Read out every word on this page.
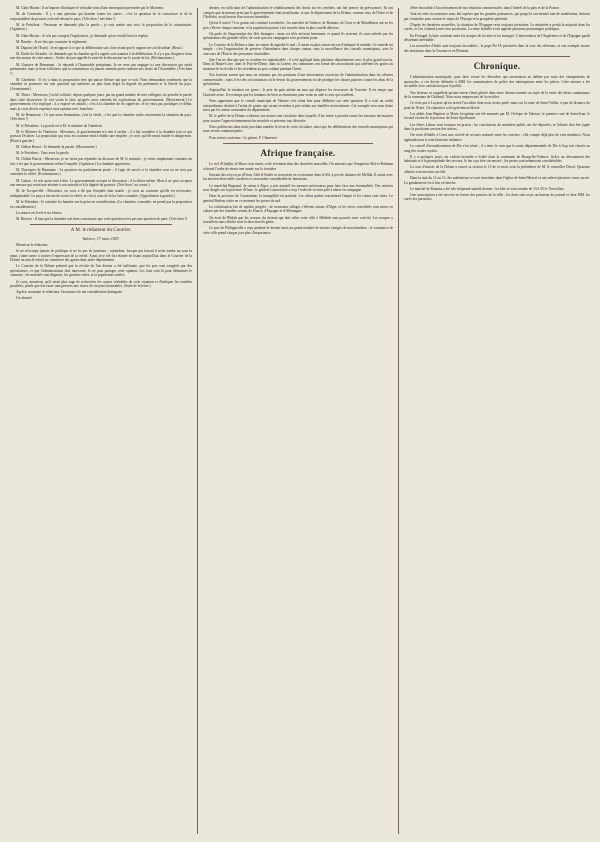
M. Glais-Bizoin : Il m'importe d'indiquer le véritable sens d'une interruption présentée par le Moniteur.

M. de Cormenin : Il y a une question qui domine toutes les autres ; c'est la question de la conscience et de la responsabilité du pouvoir exécutif devant le pays. (Très bien ! très bien !)

M. le Président : Personne ne demande plus la parole ; je vais mettre aux voix la proposition de la commission. (Agitation.)

M. Glais-Bizoin : Je n'ai pas compris l'explication ; je demande qu'on veuille bien la répéter.

M. Baudry : Je ne fais que constater le règlement.

M. Dupont (de l'Eure) : Je m'oppose à ce que la délibération soit close avant que le rapport ne soit distribué. (Bruit.)

M. Émile de Girardin : Je demande que la chambre qu'il a signée soit soumise à la délibération. Il n'y a pas d'urgence dans une discussion de cette nature ; l'ordre du jour appelle la suite de la discussion sur le projet de loi. (Réclamations.)

M. Gustave de Beaumont : Je réponds à l'honorable préopinant. Je ne veux pas engager ici une discussion qui serait prématurée, mais je tiens à déclarer que la commission n'a jamais entendu porter atteinte aux droits de l'Assemblée. (Très bien !)

M. Lherbette : Il n'y a dans la proposition rien qui puisse blesser qui que ce soit. Nous demandons seulement que la chambre se prononce sur une question qui intéresse au plus haut degré la dignité du parlement et la liberté du pays. (Assentiment.)

M. Thiers : Messieurs, j'ai été sollicité, depuis quelques jours, par un grand nombre de mes collègues, de prendre la parole dans cette discussion. Je n'ai voulu le faire qu'après avoir entendu les explications du gouvernement. (Mouvement.) Le gouvernement s'est expliqué ; il a exposé ses motifs ; c'est à la chambre de les apprécier. Je ne veux pas prolonger ce débat, mais je crois devoir exprimer mon opinion avec franchise.

M. de Beaumont : Ce que nous demandons, c'est la vérité ; c'est que la chambre sache exactement la situation du pays. (Très bien !)

M. le Président : La parole est à M. le ministre de l'intérieur.

M. le Ministre de l'Intérieur : Messieurs, le gouvernement n'a rien à cacher ; il a fait connaître à la chambre tout ce qui pouvait l'éclairer. La proposition qui vous est soumise tend à établir une enquête ; je crois qu'elle serait inutile et dangereuse. (Bruit à gauche.)

M. Odilon Barrot : Je demande la parole. (Mouvement.)

M. le Président : Vous avez la parole.

M. Odilon Barrot : Messieurs, je ne viens pas répondre au discours de M. le ministre ; je viens simplement constater un fait, c'est que le gouvernement refuse l'enquête. (Agitation.) La chambre appréciera.

M. Duvergier de Hauranne : La question est parfaitement posée ; il s'agit de savoir si la chambre veut ou ne veut pas connaître la vérité. (Exclamations.)

M. Guizot : Je n'ai qu'un mot à dire. Le gouvernement accepte la discussion ; il la désire même. Mais il ne peut accepter une mesure qui serait une atteinte à son autorité et à la dignité du pouvoir. (Très bien ! au centre.)

M. de Tocqueville : Messieurs, on vous a dit que l'enquête était inutile ; je crois au contraire qu'elle est nécessaire, indispensable. Le pays a besoin de savoir la vérité, et c'est à vous de la lui faire connaître. (Approbation à gauche.)

M. le Président : Je consulte la chambre sur la prise en considération. (La chambre, consultée, ne prend pas la proposition en considération.)

La séance est levée à six heures.

M. Berryer : Il faut que la chambre soit bien convaincue que cette question n'est pas une question de parti. (Très bien !)

A M. le rédacteur du Courrier.

Valence, 17 mars 1847.

Monsieur le rédacteur,

Je ne m'occupe jamais de politique et ne lis pas de journaux ; cependant, lorsque par hasard il m'en tombe un sous la main, j'aime assez à trouver l'expression de la vérité. Aussi ai-je été fort étonné en lisant aujourd'hui dans le Courrier de la Drôme un article relatif au commerce des grains dans notre département.

Le Courrier de la Drôme prétend que la récolte de l'an dernier a été suffisante, que les prix sont exagérés par des spéculateurs, et que l'administration doit intervenir. Je ne puis partager cette opinion. Les faits sont là pour démontrer le contraire ; les marchés sont dégarnis, les greniers vides, et la population souffre.

Je crois, monsieur, qu'il serait plus sage de rechercher les causes véritables de cette situation et d'indiquer les remèdes possibles, plutôt que d'accuser sans preuves une classe de citoyens honorables. (Suite de la lettre.)

Agréez, monsieur le rédacteur, l'assurance de ma considération distinguée.

Un abonné.

dernier, en sollicitant de l'administration le rétablissement des droits sur les céréales, ont fait preuve de prévoyance. Ils ont compris que la mesure prise par le gouvernement était insuffisante, et que le département de la Drôme, comme ceux de l'Isère et de l'Ardèche, avait besoin d'un secours immédiat.

Qu'est-il arrivé ? Les grains ont continué à renchérir ; les marchés de Valence, de Romans, de Crest et de Montélimar ont vu les prix s'élever chaque semaine, et la population pauvre s'est trouvée dans la plus cruelle détresse.

On parle de l'importation des blés étrangers ; mais ces blés arrivent lentement, et quand ils arrivent, ils sont achetés par les spéculateurs des grandes villes, de sorte que nos campagnes n'en profitent point.

Le Courrier de la Drôme a donc eu raison de signaler le mal ; il aurait eu plus raison encore d'indiquer le remède. Ce remède est simple : c'est l'organisation de greniers d'abondance dans chaque canton, sous la surveillance des conseils municipaux, avec le concours de l'État et des personnes charitables.

Que l'on ne dise pas que ce système est impraticable ; il a été appliqué dans plusieurs départements avec le plus grand succès. Dans la Haute-Loire, dans le Puy-de-Dôme, dans la Lozère, les communes ont formé des associations qui achètent les grains au moment de la récolte et les revendent au prix coûtant pendant l'hiver.

Nos lecteurs savent que nous ne sommes pas les partisans d'une intervention excessive de l'administration dans les affaires commerciales ; mais il est des circonstances où le devoir du gouvernement est de protéger les classes pauvres contre les abus de la spéculation.

Aujourd'hui la situation est grave ; le prix du pain atteint un taux qui dépasse les ressources de l'ouvrier. Il est temps que l'autorité avise. Il est temps que les hommes de bien se réunissent pour venir en aide à ceux qui souffrent.

Nous apprenons que le conseil municipal de Valence s'est réuni hier pour délibérer sur cette question. Il a voté un crédit extraordinaire destiné à l'achat de grains qui seront revendus à prix réduit aux familles nécessiteuses. Cet exemple sera sans doute suivi par les autres communes du département.

M. le préfet de la Drôme a adressé aux maires une circulaire dans laquelle il les invite à prendre toutes les mesures nécessaires pour assurer l'approvisionnement des marchés et prévenir tout désordre.

Nous publierons dans notre prochain numéro le texte de cette circulaire, ainsi que les délibérations des conseils municipaux qui nous seront communiquées.

Pour extrait conforme : Le gérant, F. Chenevier.

Afrique française.

Le ciel d'Oudjda, le Maroc tout entier, a été vivement ému des dernières nouvelles. On annonce que l'empereur Abd-er-Rahman a donné l'ordre de réunir une armée sur la frontière.

Suivant des avis reçus d'Oran, Abd-el-Kader se trouverait en ce moment dans le Rif, à peu de distance de Melilla. Il aurait avec lui environ deux mille cavaliers et un nombre considérable de fantassins.

Le maréchal Bugeaud, de retour à Alger, a pris aussitôt les mesures nécessaires pour faire face aux éventualités. Des renforts sont dirigés sur la province d'Oran ; le général Lamoricière a reçu l'ordre de se tenir prêt à entrer en campagne.

Dans la province de Constantine, la tranquillité est parfaite. Les tribus paient exactement l'impôt et les routes sont sûres. Le général Bedeau visite en ce moment les postes du sud.

La colonisation fait de rapides progrès ; de nouveaux villages s'élèvent autour d'Alger, et les terres concédées sont mises en culture par des familles venues de France, d'Espagne et d'Allemagne.

On écrit de Blidah que les travaux du chemin qui doit relier cette ville à Médéah sont poussés avec activité. Les troupes y travaillent sans relâche sous la direction du génie.

Le port de Philippeville a reçu pendant le dernier mois un grand nombre de navires chargés de marchandises ; le commerce de cette ville prend chaque jour plus d'importance.

d'être favorable à l'accroissement de nos relations commerciales, dans l'intérêt de la paix et de la France.

Tout en cette circonstance nous fait espérer que les grandes puissances, qui jusqu'ici ont montré tant de modération, finiront par s'entendre pour assurer le repos de l'Europe et la prospérité générale.

D'après les dernières nouvelles, la situation de l'Espagne reste toujours incertaine. Le ministère a perdu la majorité dans les cortès, et l'on s'attend à une crise prochaine. La reine Isabelle a fait appeler plusieurs personnages politiques.

En Portugal, la lutte continue entre les troupes de la reine et les insurgés. L'intervention de l'Angleterre et de l'Espagne paraît désormais inévitable.

Les nouvelles d'Italie sont toujours favorables ; le pape Pie IX persévère dans la voie des réformes, et son exemple trouve des imitateurs dans la Toscane et en Piémont.

Chronique.

L'administration municipale, pour faire cesser les désordres qui survenaient au théâtre par suite des changements de spectacles, a cru devoir défendre à MM. les commissaires de police des interruptions entre les pièces. Cette mesure a été accueillie avec satisfaction par le public.

Nos lecteurs se rappellent qu'une erreur s'était glissée dans notre dernier numéro au sujet de la vente des biens communaux de la commune de Chabeuil. Nous nous empressons de la rectifier.

Ce n'est pas à Loyasse qu'est arrivé l'accident dont nous avons parlé, mais sur la route de Saint-Vallier, à peu de distance du pont de l'Isère. Un charretier a été grièvement blessé.

Les abbés Jean-Baptiste et Marie Josephine ont été nommés par M. l'évêque de Valence, le premier curé de Saint-Jean, le second vicaire de la paroisse de Saint-Apollinaire.

Les frères Laloue sont toujours en prison ; les conclusions du ministère public ont été déposées, et l'affaire doit être jugée dans la prochaine session des assises.

On vient d'établir à Crest une société de secours mutuels entre les ouvriers ; elle compte déjà plus de cent membres. Nous applaudissons à cette heureuse initiative.

Le conseil d'arrondissement de Die s'est réuni ; il a émis le vœu que la route départementale de Die à Gap soit classée au rang des routes royales.

Il y a quelques jours, un violent incendie a éclaté dans la commune de Bourg-lès-Valence. Grâce au dévouement des habitants et à la promptitude des secours, le feu a pu être circonscrit ; les pertes sont néanmoins considérables.

La cour d'assises de la Drôme a ouvert sa session le 15 de ce mois sous la présidence de M. le conseiller Duval. Quatorze affaires sont inscrites au rôle.

Dans la nuit du 12 au 13, des malfaiteurs se sont introduits dans l'église de Saint-Marcel et ont enlevé plusieurs vases sacrés. La gendarmerie est à leur recherche.

Le marché de Romans a été très fréquenté samedi dernier ; les blés se sont vendus de 33 à 35 fr. l'hectolitre.

Une souscription a été ouverte en faveur des pauvres de la ville ; les dons sont reçus au bureau du journal et chez MM. les curés des paroisses.
